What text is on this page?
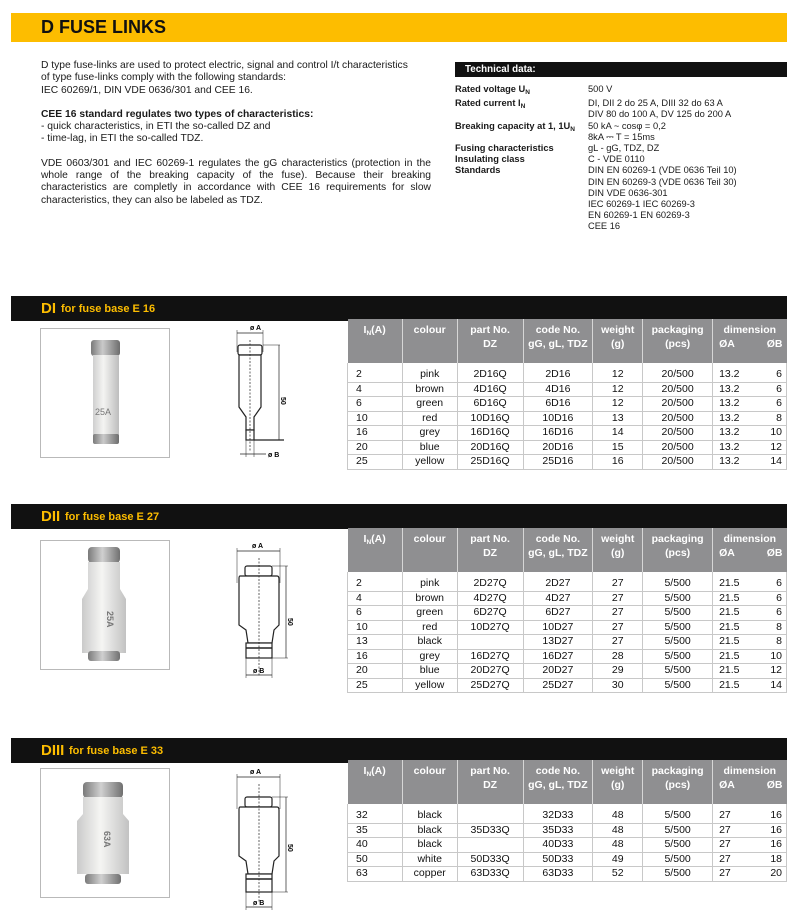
D FUSE LINKS

D type fuse-links are used to protect electric, signal and control I/t characteristics
of type fuse-links comply with the following standards:
IEC 60269/1, DIN VDE 0636/301 and CEE 16.

CEE 16 standard regulates two types of characteristics:
- quick characteristics, in ETI the so-called DZ and
- time-lag, in ETI the so-called TDZ.

VDE 0603/301 and IEC 60269-1 regulates the gG characteristics (protection in the whole range of the breaking capacity of the fuse). Because their breaking characteristics are completly in accordance with CEE 16 requirements for slow characteristics, they can also be labeled as TDZ.

Technical data:
Rated voltage $U_N$	500 V
Rated current $I_N$	DI, DII 2 do 25 A, DIII 32 do 63 A
DIV 80 do 100 A, DV 125 do 200 A
Breaking capacity at 1, $1U_N$	50 kA ~ cosφ = 0,2
8kA ⎓ T = 15ms
Fusing characteristics	gL - gG, TDZ, DZ
Insulating class	C - VDE 0110
Standards	DIN EN 60269-1 (VDE 0636 Teil 10)
DIN EN 60269-3 (VDE 0636 Teil 30)
DIN VDE 0636-301
IEC 60269-1 IEC 60269-3
EN 60269-1 EN 60269-3
CEE 16
DI for fuse base E 16
25A
ø A
50
ø B
$I_N(A)$	colour	part No.
DZ	code No.
gG, gL, TDZ	weight
(g)	packaging
(pcs)	dimension
ØA ØB	

2	pink	2D16Q	2D16	12	20/500	13.2	6
4	brown	4D16Q	4D16	12	20/500	13.2	6
6	green	6D16Q	6D16	12	20/500	13.2	6
10	red	10D16Q	10D16	13	20/500	13.2	8
16	grey	16D16Q	16D16	14	20/500	13.2	10
20	blue	20D16Q	20D16	15	20/500	13.2	12
25	yellow	25D16Q	25D16	16	20/500	13.2	14
DII for fuse base E 27
25A
ø A
50
ø B
$I_N(A)$	colour	part No.
DZ	code No.
gG, gL, TDZ	weight
(g)	packaging
(pcs)	dimension
ØA ØB	

2	pink	2D27Q	2D27	27	5/500	21.5	6
4	brown	4D27Q	4D27	27	5/500	21.5	6
6	green	6D27Q	6D27	27	5/500	21.5	6
10	red	10D27Q	10D27	27	5/500	21.5	8
13	black		13D27	27	5/500	21.5	8
16	grey	16D27Q	16D27	28	5/500	21.5	10
20	blue	20D27Q	20D27	29	5/500	21.5	12
25	yellow	25D27Q	25D27	30	5/500	21.5	14
DIII for fuse base E 33
63A
ø A
50
ø B
$I_N(A)$	colour	part No.
DZ	code No.
gG, gL, TDZ	weight
(g)	packaging
(pcs)	dimension
ØA ØB	

32	black		32D33	48	5/500	27	16
35	black	35D33Q	35D33	48	5/500	27	16
40	black		40D33	48	5/500	27	16
50	white	50D33Q	50D33	49	5/500	27	18
63	copper	63D33Q	63D33	52	5/500	27	20
